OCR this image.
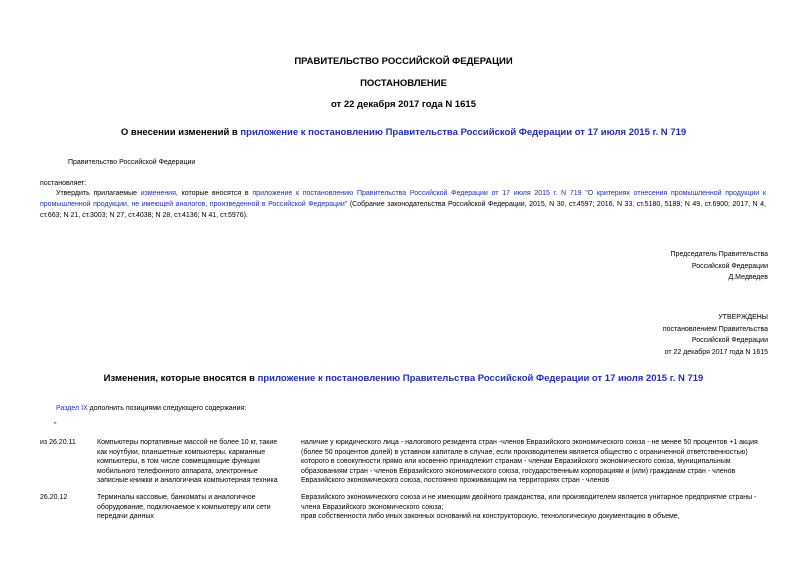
ПРАВИТЕЛЬСТВО РОССИЙСКОЙ ФЕДЕРАЦИИ
ПОСТАНОВЛЕНИЕ
от 22 декабря 2017 года N 1615
О внесении изменений в приложение к постановлению Правительства Российской Федерации от 17 июля 2015 г. N 719
Правительство Российской Федерации
постановляет:
Утвердить прилагаемые изменения, которые вносятся в приложение к постановлению Правительства Российской Федерации от 17 июля 2015 г. N 719 "О критериях отнесения промышленной продукции к промышленной продукции, не имеющей аналогов, произведенной в Российской Федерации" (Собрание законодательства Российской Федерации, 2015, N 30, ст.4597; 2016, N 33, ст.5180, 5189; N 49, ст.6900; 2017, N 4, ст.663; N 21, ст.3003; N 27, ст.4038; N 28, ст.4136; N 41, ст.5976).
Председатель Правительства
Российской Федерации
Д.Медведев
УТВЕРЖДЕНЫ
постановлением Правительства
Российской Федерации
от 22 декабря 2017 года N 1615
Изменения, которые вносятся в приложение к постановлению Правительства Российской Федерации от 17 июля 2015 г. N 719
Раздел IX дополнить позициями следующего содержания:
"
из 26.20.11	Компьютеры портативные массой не более 10 кг, такие как ноутбуки, планшетные компьютеры, карманные компьютеры, в том числе совмещающие функции мобильного телефонного аппарата, электронные записные книжки и аналогичная компьютерная техника
наличие у юридического лица - налогового резидента стран -членов Евразийского экономического союза - не менее 50 процентов +1 акция (более 50 процентов долей) в уставном капитале в случае, если производителем является общество с ограниченной ответственностью) которого в совокупности прямо или косвенно принадлежит странам - членам Евразийского экономического союза, муниципальным образованиям стран - членов Евразийского экономического союза, государственным корпорациям и (или) гражданам стран - членов Евразийского экономического союза, постоянно проживающим на территориях стран - членов
26.20.12	Терминалы кассовые, банкоматы и аналогичное оборудование, подключаемое к компьютеру или сети передачи данных
Евразийского экономического союза и не имеющим двойного гражданства, или производителем является унитарное предприятие страны - члена Евразийского экономического союза;
прав собственности либо иных законных оснований на конструкторскую, технологическую документацию в объеме,
